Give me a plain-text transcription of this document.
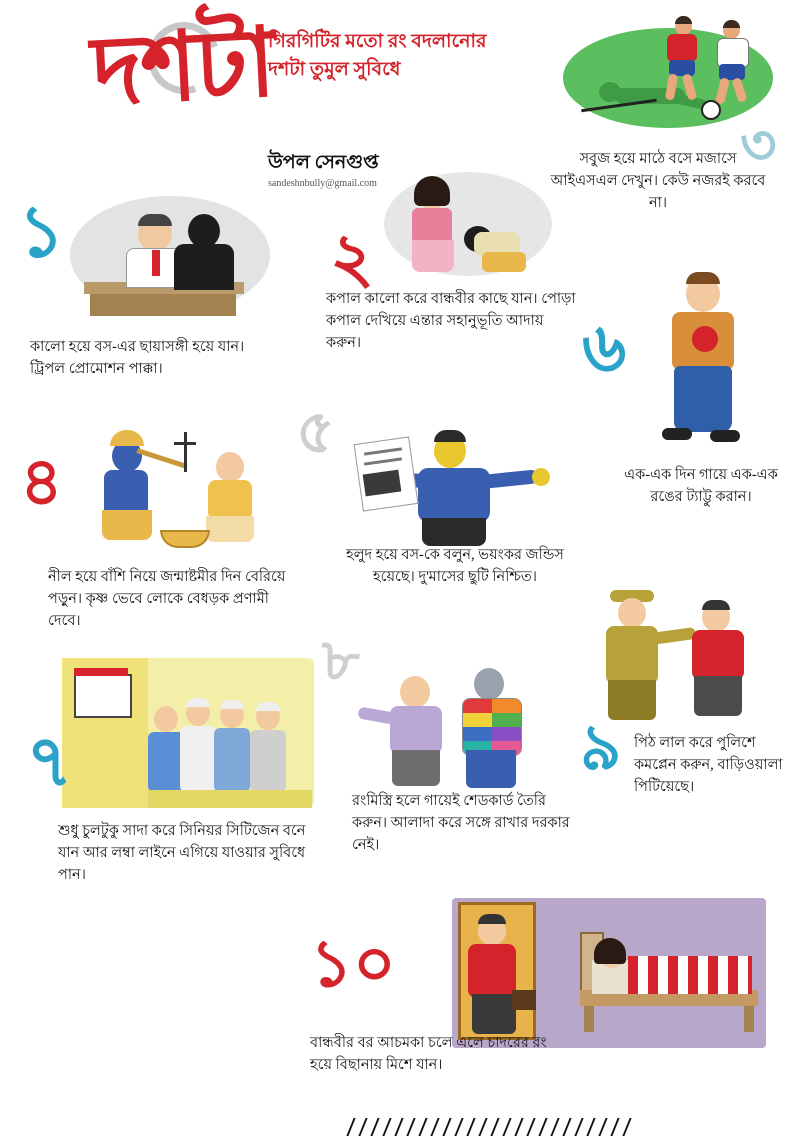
দশটা
গিরগিটির মতো রং বদলানোর
দশটা তুমুল সুবিধে
উপল সেনগুপ্ত
sandeshnbully@gmail.com
৩
সবুজ হয়ে মাঠে বসে মজাসে আইএসএল দেখুন। কেউ নজরই করবে না।
১
কালো হয়ে বস-এর ছায়াসঙ্গী হয়ে যান। ট্রিপল প্রোমোশন পাক্কা।
২
কপাল কালো করে বান্ধবীর কাছে যান। পোড়া কপাল দেখিয়ে এন্তার সহানুভূতি আদায় করুন।	৬
এক-এক দিন গায়ে এক-এক রঙের ট্যাট্টু করান।
৪
নীল হয়ে বাঁশি নিয়ে জন্মাষ্টমীর দিন বেরিয়ে পড়ুন। কৃষ্ণ ভেবে লোকে বেধড়ক প্রণামী দেবে।
৫
হলুদ হয়ে বস-কে বলুন, ভয়ংকর জন্ডিস হয়েছে। দু'মাসের ছুটি নিশ্চিত।
৯ পিঠ লাল করে পুলিশে কমপ্লেন করুন, বাড়িওয়ালা পিটিয়েছে।
৭
শুধু চুলটুকু সাদা করে সিনিয়র সিটিজেন বনে যান আর লম্বা লাইনে এগিয়ে যাওয়ার সুবিধে পান।
৮
রংমিস্ত্রি হলে গায়েই শেডকার্ড তৈরি করুন। আলাদা করে সঙ্গে রাখার দরকার নেই।
১০
বান্ধবীর বর আচমকা চলে এলে চাদরের রং হয়ে বিছানায় মিশে যান।
